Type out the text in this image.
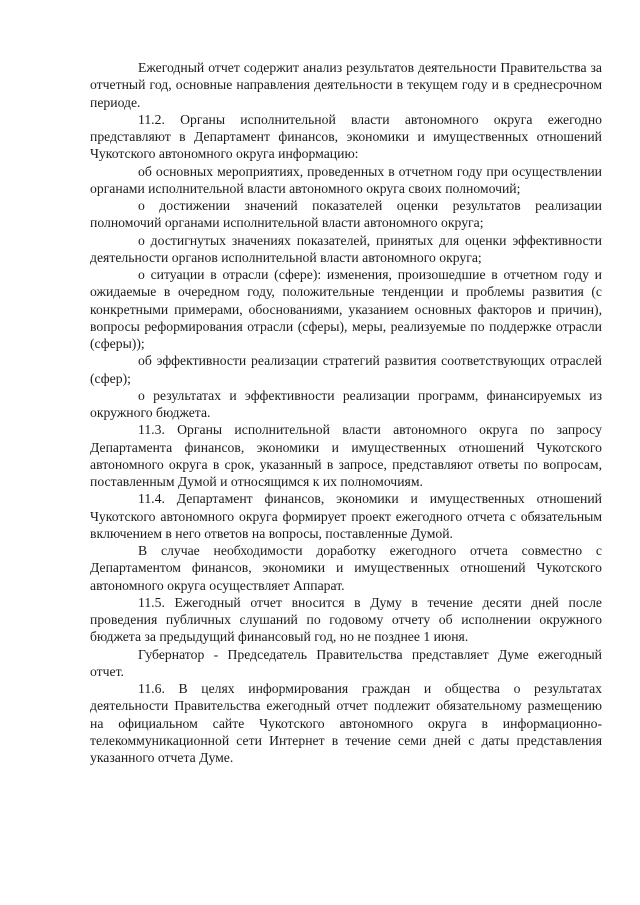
Ежегодный отчет содержит анализ результатов деятельности Правительства за отчетный год, основные направления деятельности в текущем году и в среднесрочном периоде.

11.2. Органы исполнительной власти автономного округа ежегодно представляют в Департамент финансов, экономики и имущественных отношений Чукотского автономного округа информацию:

об основных мероприятиях, проведенных в отчетном году при осуществлении органами исполнительной власти автономного округа своих полномочий;

о достижении значений показателей оценки результатов реализации полномочий органами исполнительной власти автономного округа;

о достигнутых значениях показателей, принятых для оценки эффективности деятельности органов исполнительной власти автономного округа;

о ситуации в отрасли (сфере): изменения, произошедшие в отчетном году и ожидаемые в очередном году, положительные тенденции и проблемы развития (с конкретными примерами, обоснованиями, указанием основных факторов и причин), вопросы реформирования отрасли (сферы), меры, реализуемые по поддержке отрасли (сферы));

об эффективности реализации стратегий развития соответствующих отраслей (сфер);

о результатах и эффективности реализации программ, финансируемых из окружного бюджета.

11.3. Органы исполнительной власти автономного округа по запросу Департамента финансов, экономики и имущественных отношений Чукотского автономного округа в срок, указанный в запросе, представляют ответы по вопросам, поставленным Думой и относящимся к их полномочиям.

11.4. Департамент финансов, экономики и имущественных отношений Чукотского автономного округа формирует проект ежегодного отчета с обязательным включением в него ответов на вопросы, поставленные Думой.

В случае необходимости доработку ежегодного отчета совместно с Департаментом финансов, экономики и имущественных отношений Чукотского автономного округа осуществляет Аппарат.

11.5. Ежегодный отчет вносится в Думу в течение десяти дней после проведения публичных слушаний по годовому отчету об исполнении окружного бюджета за предыдущий финансовый год, но не позднее 1 июня.

Губернатор - Председатель Правительства представляет Думе ежегодный отчет.

11.6. В целях информирования граждан и общества о результатах деятельности Правительства ежегодный отчет подлежит обязательному размещению на официальном сайте Чукотского автономного округа в информационно-телекоммуникационной сети Интернет в течение семи дней с даты представления указанного отчета Думе.
